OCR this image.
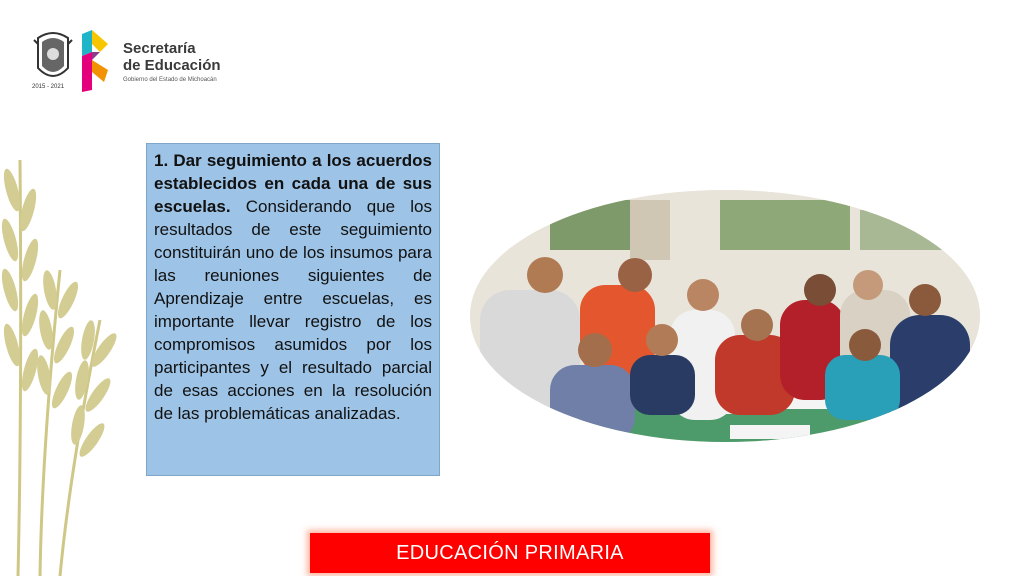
2015 - 2021
Secretaría
de Educación
Gobierno del Estado de Michoacán

1. Dar seguimiento a los acuerdos establecidos en cada una de sus escuelas. Considerando que los resultados de este seguimiento constituirán uno de los insumos para las reuniones siguientes de Aprendizaje entre escuelas, es importante llevar registro de los compromisos asumidos por los participantes y el resultado parcial de esas acciones en la resolución de las problemáticas analizadas.

EDUCACIÓN PRIMARIA
